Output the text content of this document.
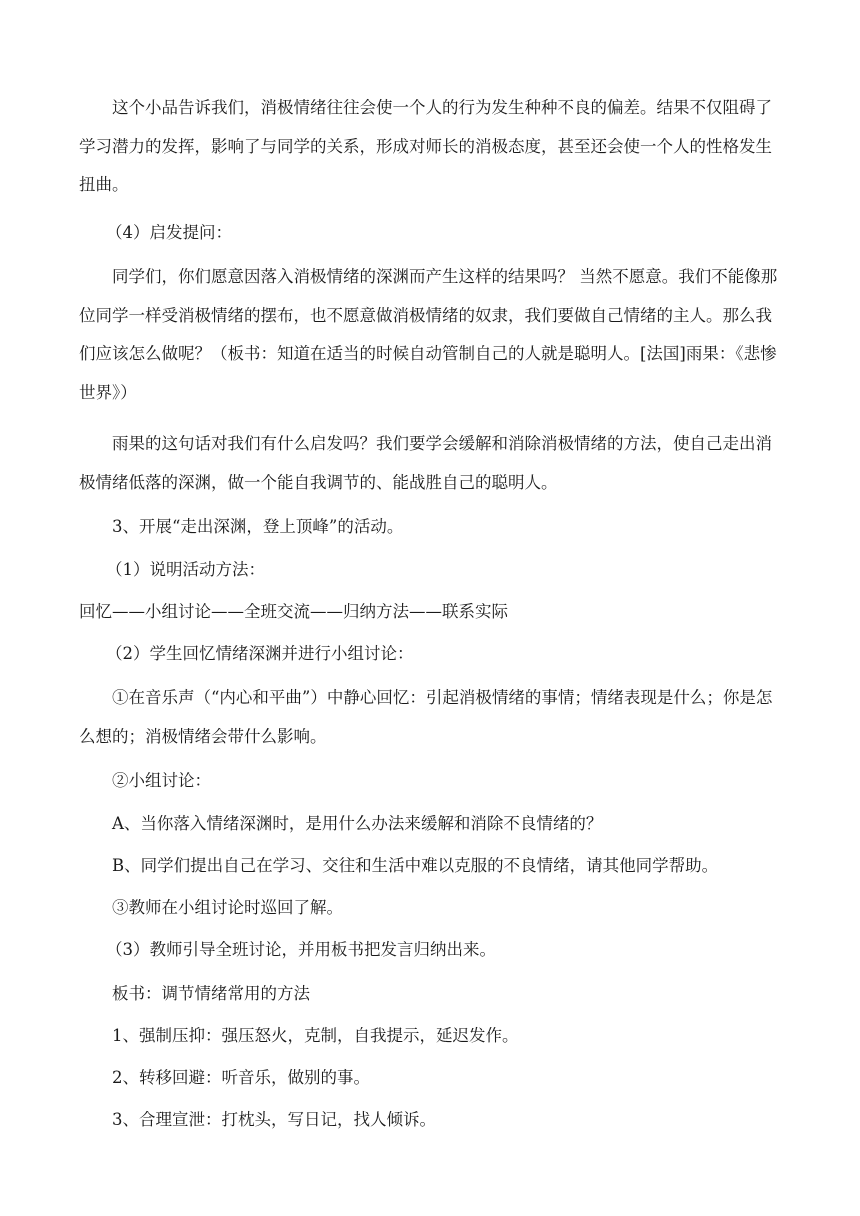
这个小品告诉我们，消极情绪往往会使一个人的行为发生种种不良的偏差。结果不仅阻碍了学习潜力的发挥，影响了与同学的关系，形成对师长的消极态度，甚至还会使一个人的性格发生扭曲。

（4）启发提问：

同学们，你们愿意因落入消极情绪的深渊而产生这样的结果吗？ 当然不愿意。我们不能像那位同学一样受消极情绪的摆布，也不愿意做消极情绪的奴隶，我们要做自己情绪的主人。那么我们应该怎么做呢？（板书：知道在适当的时候自动管制自己的人就是聪明人。[法国]雨果：《悲惨世界》）

雨果的这句话对我们有什么启发吗？我们要学会缓解和消除消极情绪的方法，使自己走出消极情绪低落的深渊，做一个能自我调节的、能战胜自己的聪明人。

3、开展“走出深渊，登上顶峰”的活动。

（1）说明活动方法：

回忆——小组讨论——全班交流——归纳方法——联系实际

（2）学生回忆情绪深渊并进行小组讨论：

①在音乐声（“内心和平曲”）中静心回忆：引起消极情绪的事情；情绪表现是什么；你是怎么想的；消极情绪会带什么影响。

②小组讨论：

A、当你落入情绪深渊时，是用什么办法来缓解和消除不良情绪的？

B、同学们提出自己在学习、交往和生活中难以克服的不良情绪，请其他同学帮助。

③教师在小组讨论时巡回了解。

（3）教师引导全班讨论，并用板书把发言归纳出来。

板书：调节情绪常用的方法

1、强制压抑：强压怒火，克制，自我提示，延迟发作。

2、转移回避：听音乐，做别的事。

3、合理宣泄：打枕头，写日记，找人倾诉。
